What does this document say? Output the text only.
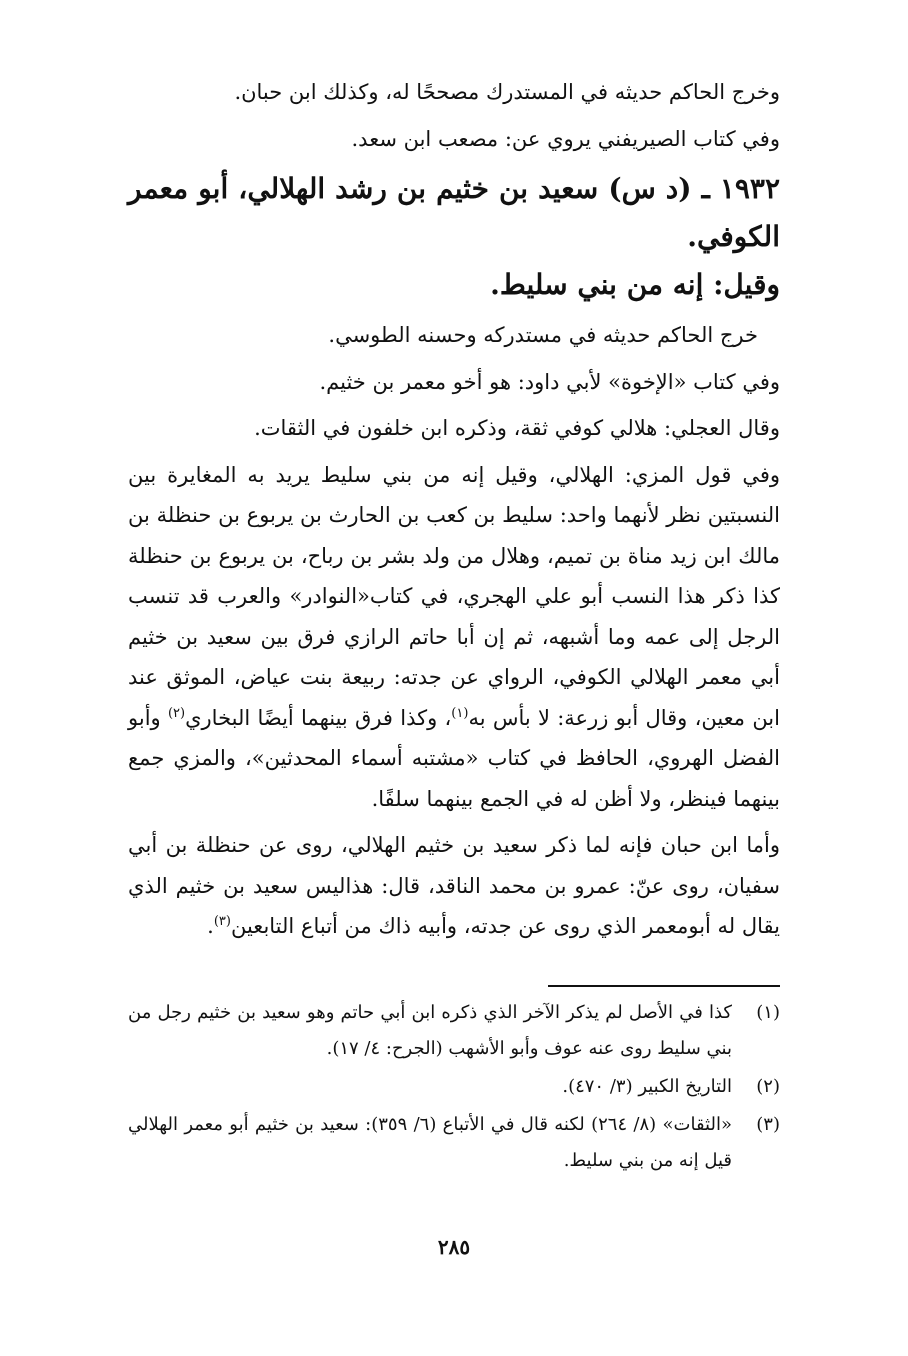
وخرج الحاكم حديثه في المستدرك مصححًا له، وكذلك ابن حبان.

وفي كتاب الصيريفني يروي عن: مصعب ابن سعد.

١٩٣٢ ـ (د س) سعيد بن خثيم بن رشد الهلالي، أبو معمر الكوفي.
وقيل: إنه من بني سليط.

خرج الحاكم حديثه في مستدركه وحسنه الطوسي.

وفي كتاب «الإخوة» لأبي داود: هو أخو معمر بن خثيم.

وقال العجلي: هلالي كوفي ثقة، وذكره ابن خلفون في الثقات.

وفي قول المزي: الهلالي، وقيل إنه من بني سليط يريد به المغايرة بين النسبتين نظر لأنهما واحد: سليط بن كعب بن الحارث بن يربوع بن حنظلة بن مالك ابن زيد مناة بن تميم، وهلال من ولد بشر بن رباح، بن يربوع بن حنظلة كذا ذكر هذا النسب أبو علي الهجري، في كتاب«النوادر» والعرب قد تنسب الرجل إلى عمه وما أشبهه، ثم إن أبا حاتم الرازي فرق بين سعيد بن خثيم أبي معمر الهلالي الكوفي، الرواي عن جدته: ربيعة بنت عياض، الموثق عند ابن معين، وقال أبو زرعة: لا بأس به$^{(١)}$، وكذا فرق بينهما أيضًا البخاري$^{(٢)}$ وأبو الفضل الهروي، الحافظ في كتاب «مشتبه أسماء المحدثين»، والمزي جمع بينهما فينظر، ولا أظن له في الجمع بينهما سلفًا.

وأما ابن حبان فإنه لما ذكر سعيد بن خثيم الهلالي، روى عن حنظلة بن أبي سفيان، روى عنّ: عمرو بن محمد الناقد، قال: هذاليس سعيد بن خثيم الذي يقال له أبومعمر الذي روى عن جدته، وأبيه ذاك من أتباع التابعين$^{(٣)}$.

(١)
كذا في الأصل لم يذكر الآخر الذي ذكره ابن أبي حاتم وهو سعيد بن خثيم رجل من بني سليط روى عنه عوف وأبو الأشهب (الجرح: ٤/ ١٧).
(٢)
التاريخ الكبير (٣/ ٤٧٠).
(٣)
«الثقات» (٨/ ٢٦٤) لكنه قال في الأتباع (٦/ ٣٥٩): سعيد بن خثيم أبو معمر الهلالي قيل إنه من بني سليط.
٢٨٥
